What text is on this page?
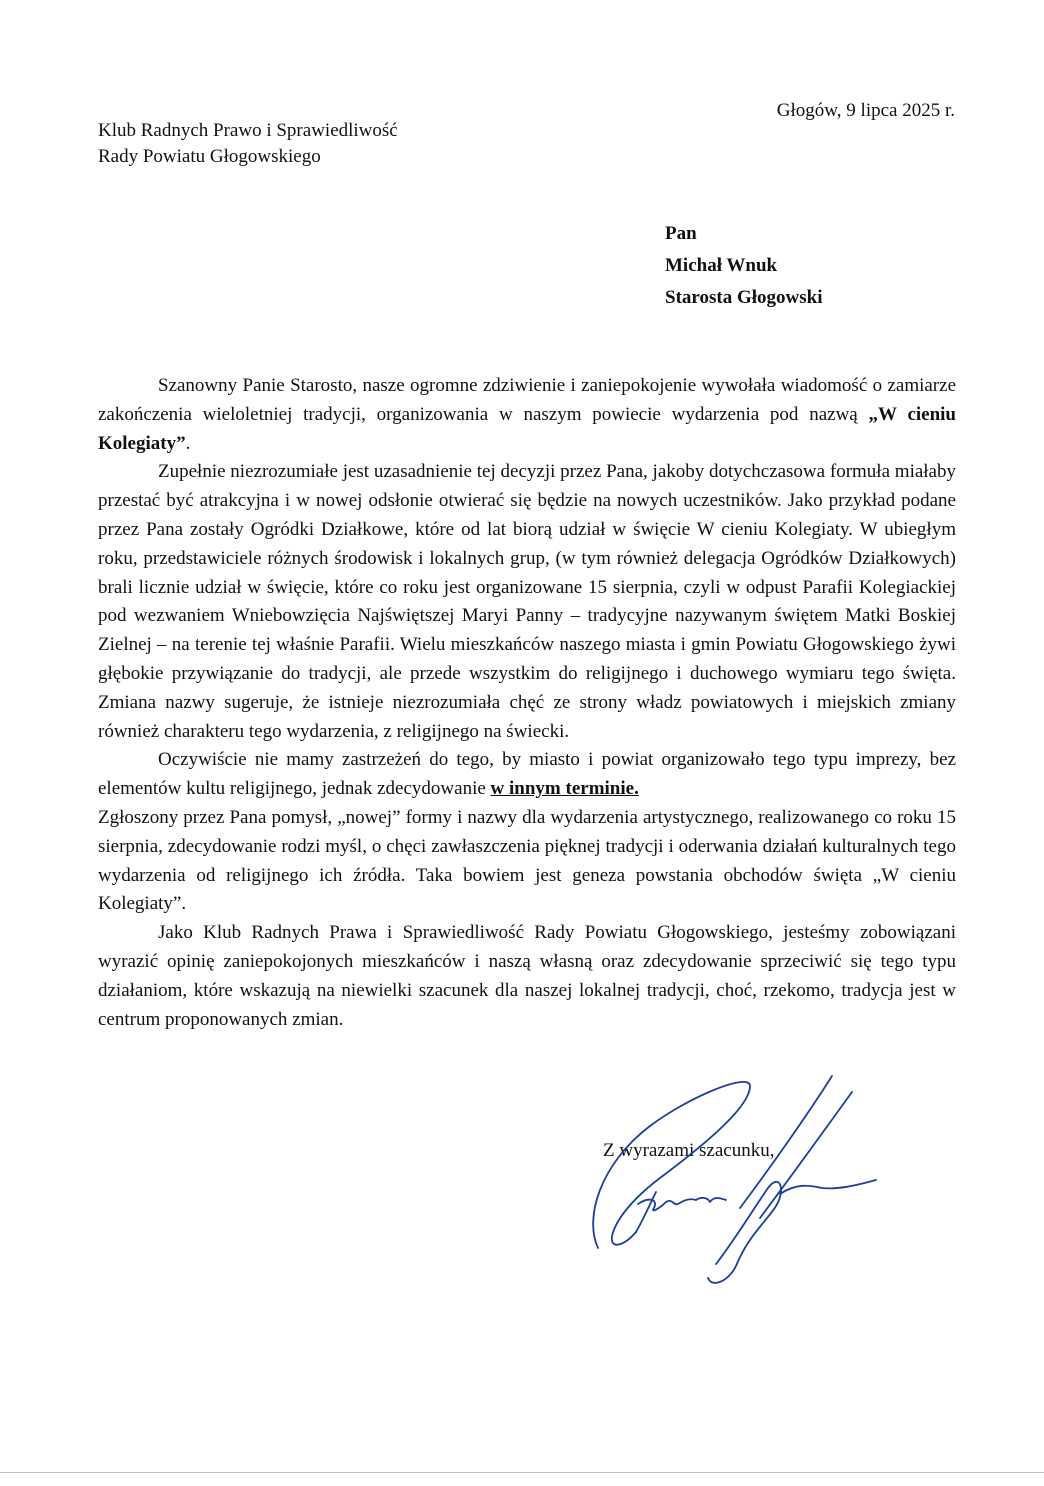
Głogów, 9 lipca 2025 r.
Klub Radnych Prawo i Sprawiedliwość
Rady Powiatu Głogowskiego
Pan
Michał Wnuk
Starosta Głogowski

Szanowny Panie Starosto, nasze ogromne zdziwienie i zaniepokojenie wywołała wiadomość o zamiarze zakończenia wieloletniej tradycji, organizowania w naszym powiecie wydarzenia pod nazwą „W cieniu Kolegiaty”.

Zupełnie niezrozumiałe jest uzasadnienie tej decyzji przez Pana, jakoby dotychczasowa formuła miałaby przestać być atrakcyjna i w nowej odsłonie otwierać się będzie na nowych uczestników. Jako przykład podane przez Pana zostały Ogródki Działkowe, które od lat biorą udział w święcie W cieniu Kolegiaty. W ubiegłym roku, przedstawiciele różnych środowisk i lokalnych grup, (w tym również delegacja Ogródków Działkowych) brali licznie udział w święcie, które co roku jest organizowane 15 sierpnia, czyli w odpust Parafii Kolegiackiej pod wezwaniem Wniebowzięcia Najświętszej Maryi Panny – tradycyjne nazywanym świętem Matki Boskiej Zielnej – na terenie tej właśnie Parafii. Wielu mieszkańców naszego miasta i gmin Powiatu Głogowskiego żywi głębokie przywiązanie do tradycji, ale przede wszystkim do religijnego i duchowego wymiaru tego święta. Zmiana nazwy sugeruje, że istnieje niezrozumiała chęć ze strony władz powiatowych i miejskich zmiany również charakteru tego wydarzenia, z religijnego na świecki.

Oczywiście nie mamy zastrzeżeń do tego, by miasto i powiat organizowało tego typu imprezy, bez elementów kultu religijnego, jednak zdecydowanie w innym terminie.

Zgłoszony przez Pana pomysł, „nowej” formy i nazwy dla wydarzenia artystycznego, realizowanego co roku 15 sierpnia, zdecydowanie rodzi myśl, o chęci zawłaszczenia pięknej tradycji i oderwania działań kulturalnych tego wydarzenia od religijnego ich źródła. Taka bowiem jest geneza powstania obchodów święta „W cieniu Kolegiaty”.

Jako Klub Radnych Prawa i Sprawiedliwość Rady Powiatu Głogowskiego, jesteśmy zobowiązani wyrazić opinię zaniepokojonych mieszkańców i naszą własną oraz zdecydowanie sprzeciwić się tego typu działaniom, które wskazują na niewielki szacunek dla naszej lokalnej tradycji, choć, rzekomo, tradycja jest w centrum proponowanych zmian.

Z wyrazami szacunku,
